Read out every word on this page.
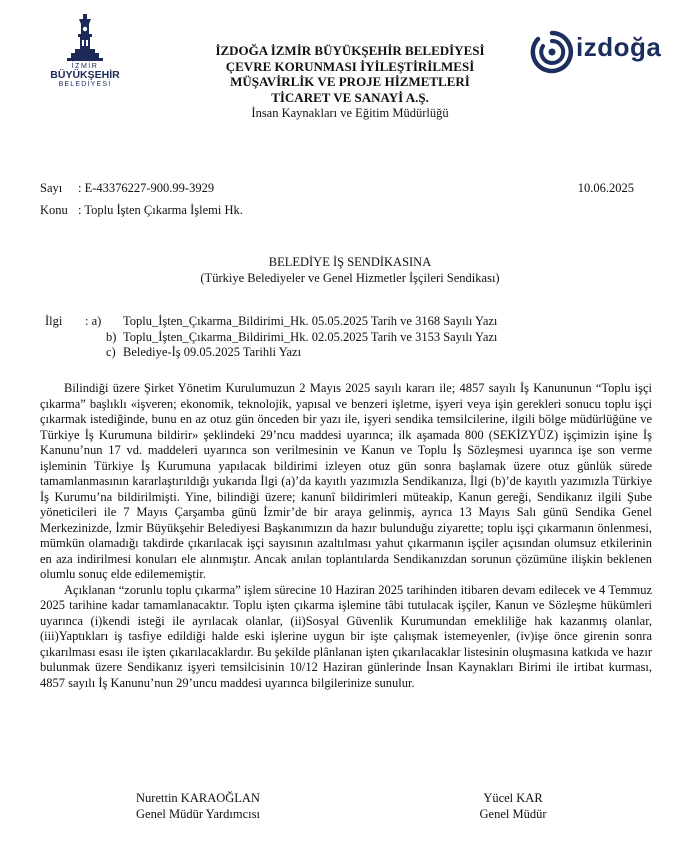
İZMİR
BÜYÜKŞEHİR
BELEDİYESİ
izdoğa
İZDOĞA İZMİR BÜYÜKŞEHİR BELEDİYESİ
ÇEVRE KORUNMASI İYİLEŞTİRİLMESİ
MÜŞAVİRLİK VE PROJE HİZMETLERİ
TİCARET VE SANAYİ A.Ş.
İnsan Kaynakları ve Eğitim Müdürlüğü
Sayı : E-43376227-900.99-3929
Konu : Toplu İşten Çıkarma İşlemi Hk.
10.06.2025
BELEDİYE İŞ SENDİKASINA
(Türkiye Belediyeler ve Genel Hizmetler İşçileri Sendikası)
İlgi : a) Toplu_İşten_Çıkarma_Bildirimi_Hk. 05.05.2025 Tarih ve 3168 Sayılı Yazı
b) Toplu_İşten_Çıkarma_Bildirimi_Hk. 02.05.2025 Tarih ve 3153 Sayılı Yazı
c) Belediye-İş 09.05.2025 Tarihli Yazı

Bilindiği üzere Şirket Yönetim Kurulumuzun 2 Mayıs 2025 sayılı kararı ile; 4857 sayılı İş Kanununun “Toplu işçi çıkarma” başlıklı «işveren; ekonomik, teknolojik, yapısal ve benzeri işletme, işyeri veya işin gerekleri sonucu toplu işçi çıkarmak istediğinde, bunu en az otuz gün önceden bir yazı ile, işyeri sendika temsilcilerine, ilgili bölge müdürlüğüne ve Türkiye İş Kurumuna bildirir» şeklindeki 29’ncu maddesi uyarınca; ilk aşamada 800 (SEKİZYÜZ) işçimizin işine İş Kanunu’nun 17 vd. maddeleri uyarınca son verilmesinin ve Kanun ve Toplu İş Sözleşmesi uyarınca işe son verme işleminin Türkiye İş Kurumuna yapılacak bildirimi izleyen otuz gün sonra başlamak üzere otuz günlük sürede tamamlanmasının kararlaştırıldığı yukarıda İlgi (a)’da kayıtlı yazımızla Sendikanıza, İlgi (b)’de kayıtlı yazımızla Türkiye İş Kurumu’na bildirilmişti. Yine, bilindiği üzere; kanunî bildirimleri müteakip, Kanun gereği, Sendikanız ilgili Şube yöneticileri ile 7 Mayıs Çarşamba günü İzmir’de bir araya gelinmiş, ayrıca 13 Mayıs Salı günü Sendika Genel Merkezinizde, İzmir Büyükşehir Belediyesi Başkanımızın da hazır bulunduğu ziyarette; toplu işçi çıkarmanın önlenmesi, mümkün olamadığı takdirde çıkarılacak işçi sayısının azaltılması yahut çıkarmanın işçiler açısından olumsuz etkilerinin en aza indirilmesi konuları ele alınmıştır. Ancak anılan toplantılarda Sendikanızdan sorunun çözümüne ilişkin beklenen olumlu sonuç elde edilememiştir.

Açıklanan “zorunlu toplu çıkarma” işlem sürecine 10 Haziran 2025 tarihinden itibaren devam edilecek ve 4 Temmuz 2025 tarihine kadar tamamlanacaktır. Toplu işten çıkarma işlemine tâbi tutulacak işçiler, Kanun ve Sözleşme hükümleri uyarınca (i)kendi isteği ile ayrılacak olanlar, (ii)Sosyal Güvenlik Kurumundan emekliliğe hak kazanmış olanlar, (iii)Yaptıkları iş tasfiye edildiği halde eski işlerine uygun bir işte çalışmak istemeyenler, (iv)işe önce girenin sonra çıkarılması esası ile işten çıkarılacaklardır. Bu şekilde plânlanan işten çıkarılacaklar listesinin oluşmasına katkıda ve hazır bulunmak üzere Sendikanız işyeri temsilcisinin 10/12 Haziran günlerinde İnsan Kaynakları Birimi ile irtibat kurması, 4857 sayılı İş Kanunu’nun 29’uncu maddesi uyarınca bilgilerinize sunulur.

Nurettin KARAOĞLAN
Genel Müdür Yardımcısı
Yücel KAR
Genel Müdür
